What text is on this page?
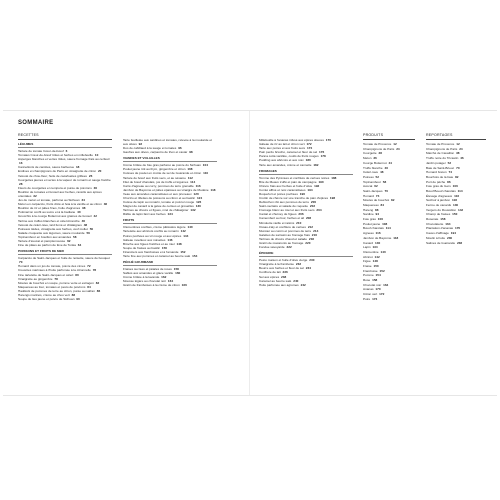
SOMMAIRE
RECETTES
LÉGUMES
Tartare de tomate Cœur-de-bœuf 6
Tomates Cœur-de-bœuf rôties et herbes en millefeuille 10
Asperges blanches et vertes rôties, sauce fromage frais au cerfeuil 16
Cannellonis de carottes, sauce barbecue 18
Endives et champignons de Paris en vinaigrette de citron 20
Velouté de chou-fleur, huile de cacahuètes grillées 26
Courgettes jaunes et vertes à la vapeur de romarin et sauge fraîche 28
Fleurs de courgettes en tempura et purée de poivrons 30
Bouillon de tomates et fenouil aux herbes, raviolis aux épices orientales 32
Jus de melon et tomate, parfumé au Sichuan 34
Melon en carpaccio, fruits d'été et feta à la vanille et au citron 36
Bouillon de riz et pâtes fines, huile d'agrumes 38
Potimarron confit au sucre et à la badiane 40
Gnocchis à la courge Butternut aux graines de fenouil 42
Tartine aux truffes blanches et céleri-branche 46
Velouté de céleri-rave, lard fumé et châtaignes 48
Poireaux tièdes, vinaigrette aux herbes, œuf mollet 50
Salade croquante aux légumes, sauce moutarde 56
Topinambour en bouillon aux amandes 58
Tartare d'avocat et pamplemousse 62
Fine de pâtes au parfum de fève de Tonka 64
POISSONS ET FRUITS DE MER
Carpaccio de Saint-Jacques et huile de noisette, sauce de bouquet 70
Homard dans un jus de tomate, poivre des cimes 72
Crevettes marinées à l'huile parfumée à la citronnelle 78
Fine tartelette de Saint-Jacques et céleri 80
Vinaigrette au gingembre 78
Moules de bouchot en soupe, pomme verte et estragon 82
Maquereau au four, tomates et pesto de poivrons 84
Haddock de pommes de terre au citron, purée au safran 86
Harengs marinés, crème au chou vert 88
Soupe de lieu jaune et poivre de Sichuan 90
Tarte feuilletée aux sardines et tomates, relevée à la moutarde et aux olives 92
Dos de cabillaud à la sauge et tomates 96
Gaufres aux olives, carpaccio de thon et caviar 98
VIANDES ET VOLAILLES
Crème brûlée de foie gras parfumé au poivre du Sichuan 104
Poulet jaune rôti au thym, gingembre et citron 108
Cuisses de poulet en croûte de sel de Guérande et citron 110
Tartare de bœuf aux fruits secs, et au sésame 112
Filet de bœuf charolais, jus de truffe et légumes 114
Carré d'agneau au curry, pommes de terre grenaille 116
Jambon de Bayonne et pâtes épaisses au vinaigre de Modène 118
Veau aux amandes caramélisées et aux pruneaux 120
Chorizo et rillettes de poissons au citron et au basilic 124
Cuisse de lapin au romarin, tomate et poivron rouge 126
Magret de canard à la gelée de cerises et groseilles 130
Tartines au chèvre et figues, miel de châtaignier 132
Râble de lapin farci aux herbes 134
FRUITS
Clémentines confites, crème pâtissière légère 140
Tartelette aux abricots confits au romarin 142
Poires pochées au vin rouge et aux épices 144
Gâteau moelleux aux noisettes 146
Brioche aux figues fraîches et au miel 148
Soupe de fraises au basilic 150
Financiers aux framboises et à l'amande 152
Tarte fine aux pommes et caramel au beurre salé 154
PÉCHÉ GOURMAND
Fraises sucrées et pétales de roses 158
Sablés aux amandes et glace vanille 160
Crème brûlée à la lavande 162
Mousse légère au chocolat noir 164
Gratin de framboises à la crème de citron 166
Millefeuille à l'ananas infusé aux épices douces 170
Gâteau de riz au lait et citron vert 172
Tarte aux poires et aux fruits secs 174
Pain perdu brioché, caramel et fleur de sel 176
Panna cotta vanillée, coulis de fruits rouges 178
Pudding aux abricots et aux noix 180
Tarte aux amandes, crème et cannelle 182
FROMAGES
Tomme des Pyrénées et confiture de cerises noires 188
Brie de Meaux truffé et pain de campagne 190
Chèvre frais aux herbes et huile d'olive 192
Comté affiné et noix caramélisées 194
Roquefort et poires pochées 196
Crottin de chèvre sur une tranche de pain d'épices 198
Reblochon rôti aux pommes de terre 200
Saint-nectaire et salade de roquette 202
Fromage blanc au miel et aux fruits secs 204
Cantal et chutney de figues 206
Camembert au four, herbes et ail 208
Mimolette vieille et raisins 210
Ossau-iraty et confiture de cerises 212
Munster au cumin et pommes de terre 214
Galettes de sarrasin au fromage frais 216
Tartines de chèvre chaud et salade 218
Gratin de macaronis au fromage 220
Fondue savoyarde 222
ÉPICERIE
Pesto maison et huile d'olive vierge 230
Vinaigrette à la framboise 232
Beurre aux herbes et fleur de sel 234
Confiture de lait 236
Sel aux épices 238
Caramel au beurre salé 240
Huile parfumée aux agrumes 242
PRODUITS
Tomate de Provence 12
Champignons de Paris 24
Courgette 28
Melon 36
Courge Butternut 44
Truffe blanche 46
Céleri-rave 48
Poireau 52
Topinambour 58
Avocat 62
Saint-Jacques 70
Homard 74
Moules de bouchot 82
Maquereau 84
Hareng 88
Sardine 94
Foie gras 106
Poulet jaune 108
Bœuf charolais 114
Agneau 116
Jambon de Bayonne 118
Canard 130
Lapin 134
Clémentine 140
Abricot 142
Figue 148
Fraise 150
Framboise 152
Pomme 154
Rose 158
Chocolat noir 164
Ananas 170
Citron vert 172
Poire 174
REPORTAGES
Tomate de Provence 12
Champignons de Paris 24
Marché de Cavaillon 38
Truffe noire du Tricastin 46
Jardin potager 52
Baie de Saint-Brieuc 70
Homard breton 74
Bouchots de la baie 82
Port de pêche 86
Foie gras du Gers 106
Bœuf Boeuf charolais 114
Élevage d'agneaux 116
Séchoir à jambon 118
Ferme de canards 130
Vergers du Roussillon 142
Champ de fraises 150
Roseraie 158
Chocolaterie 164
Plantation d'ananas 170
Caves d'affinage 194
Moulin à huile 230
Salines de Guérande 238
